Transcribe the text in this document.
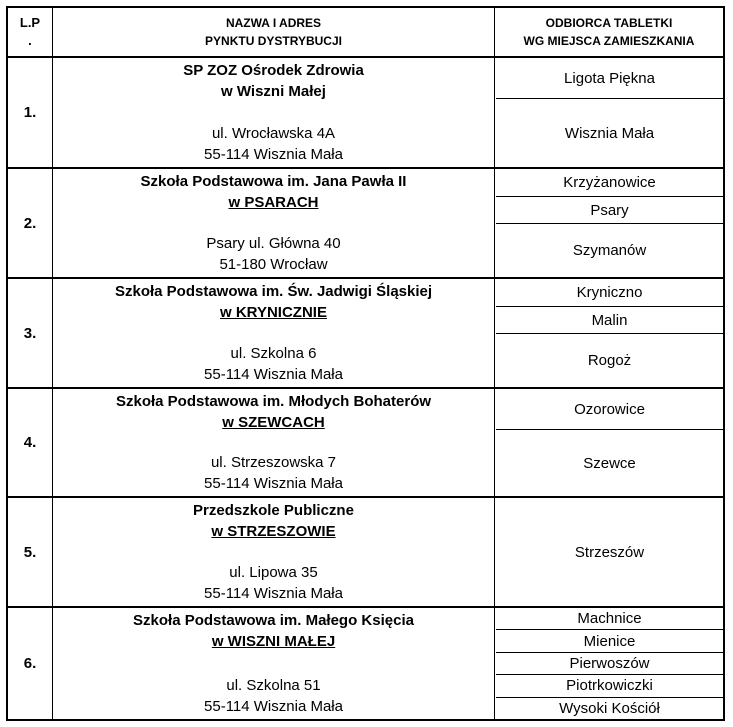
L.P
.
NAZWA I ADRES
PYNKTU DYSTRYBUCJI
ODBIORCA TABLETKI
WG MIEJSCA ZAMIESZKANIA
1.
SP ZOZ Ośrodek Zdrowia
w Wiszni Małej
ul. Wrocławska 4A
55-114 Wisznia Mała
Ligota Piękna
Wisznia Mała
2.
Szkoła Podstawowa im. Jana Pawła II
w PSARACH
Psary ul. Główna 40
51-180 Wrocław
Krzyżanowice
Psary
Szymanów
3.
Szkoła Podstawowa im. Św. Jadwigi Śląskiej
w KRYNICZNIE
ul. Szkolna 6
55-114 Wisznia Mała
Kryniczno
Malin
Rogoż
4.
Szkoła Podstawowa im. Młodych Bohaterów
w SZEWCACH
ul. Strzeszowska 7
55-114 Wisznia Mała
Ozorowice
Szewce
5.
Przedszkole Publiczne
w STRZESZOWIE
ul. Lipowa 35
55-114 Wisznia Mała
Strzeszów
6.
Szkoła Podstawowa im. Małego Księcia
w WISZNI MAŁEJ
ul. Szkolna 51
55-114 Wisznia Mała
Machnice
Mienice
Pierwoszów
Piotrkowiczki
Wysoki Kościół
